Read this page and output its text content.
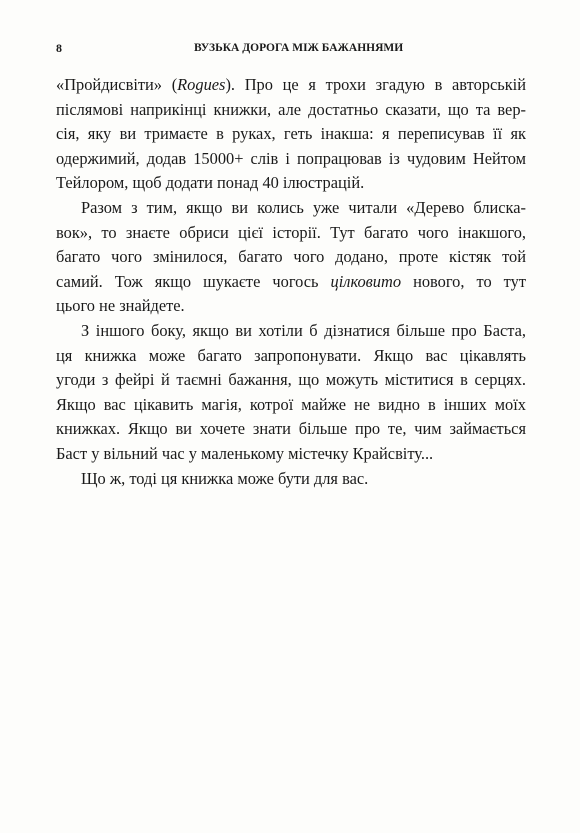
8	ВУЗЬКА ДОРОГА МІЖ БАЖАННЯМИ

«Пройдисвіти» (Rogues). Про це я трохи згадую в авторській
післямові наприкінці книжки, але достатньо сказати, що та вер-
сія, яку ви тримаєте в руках, геть інакша: я переписував її як
одержимий, додав 15000+ слів і попрацював із чудовим Нейтом
Тейлором, щоб додати понад 40 ілюстрацій.

Разом з тим, якщо ви колись уже читали «Дерево блиска-
вок», то знаєте обриси цієї історії. Тут багато чого інакшого,
багато чого змінилося, багато чого додано, проте кістяк той
самий. Тож якщо шукаєте чогось цілковито нового, то тут
цього не знайдете.

З іншого боку, якщо ви хотіли б дізнатися більше про Баста,
ця книжка може багато запропонувати. Якщо вас цікавлять
угоди з фейрі й таємні бажання, що можуть міститися в серцях.
Якщо вас цікавить магія, котрої майже не видно в інших моїх
книжках. Якщо ви хочете знати більше про те, чим займається
Баст у вільний час у маленькому містечку Крайсвіту...

Що ж, тоді ця книжка може бути для вас.
